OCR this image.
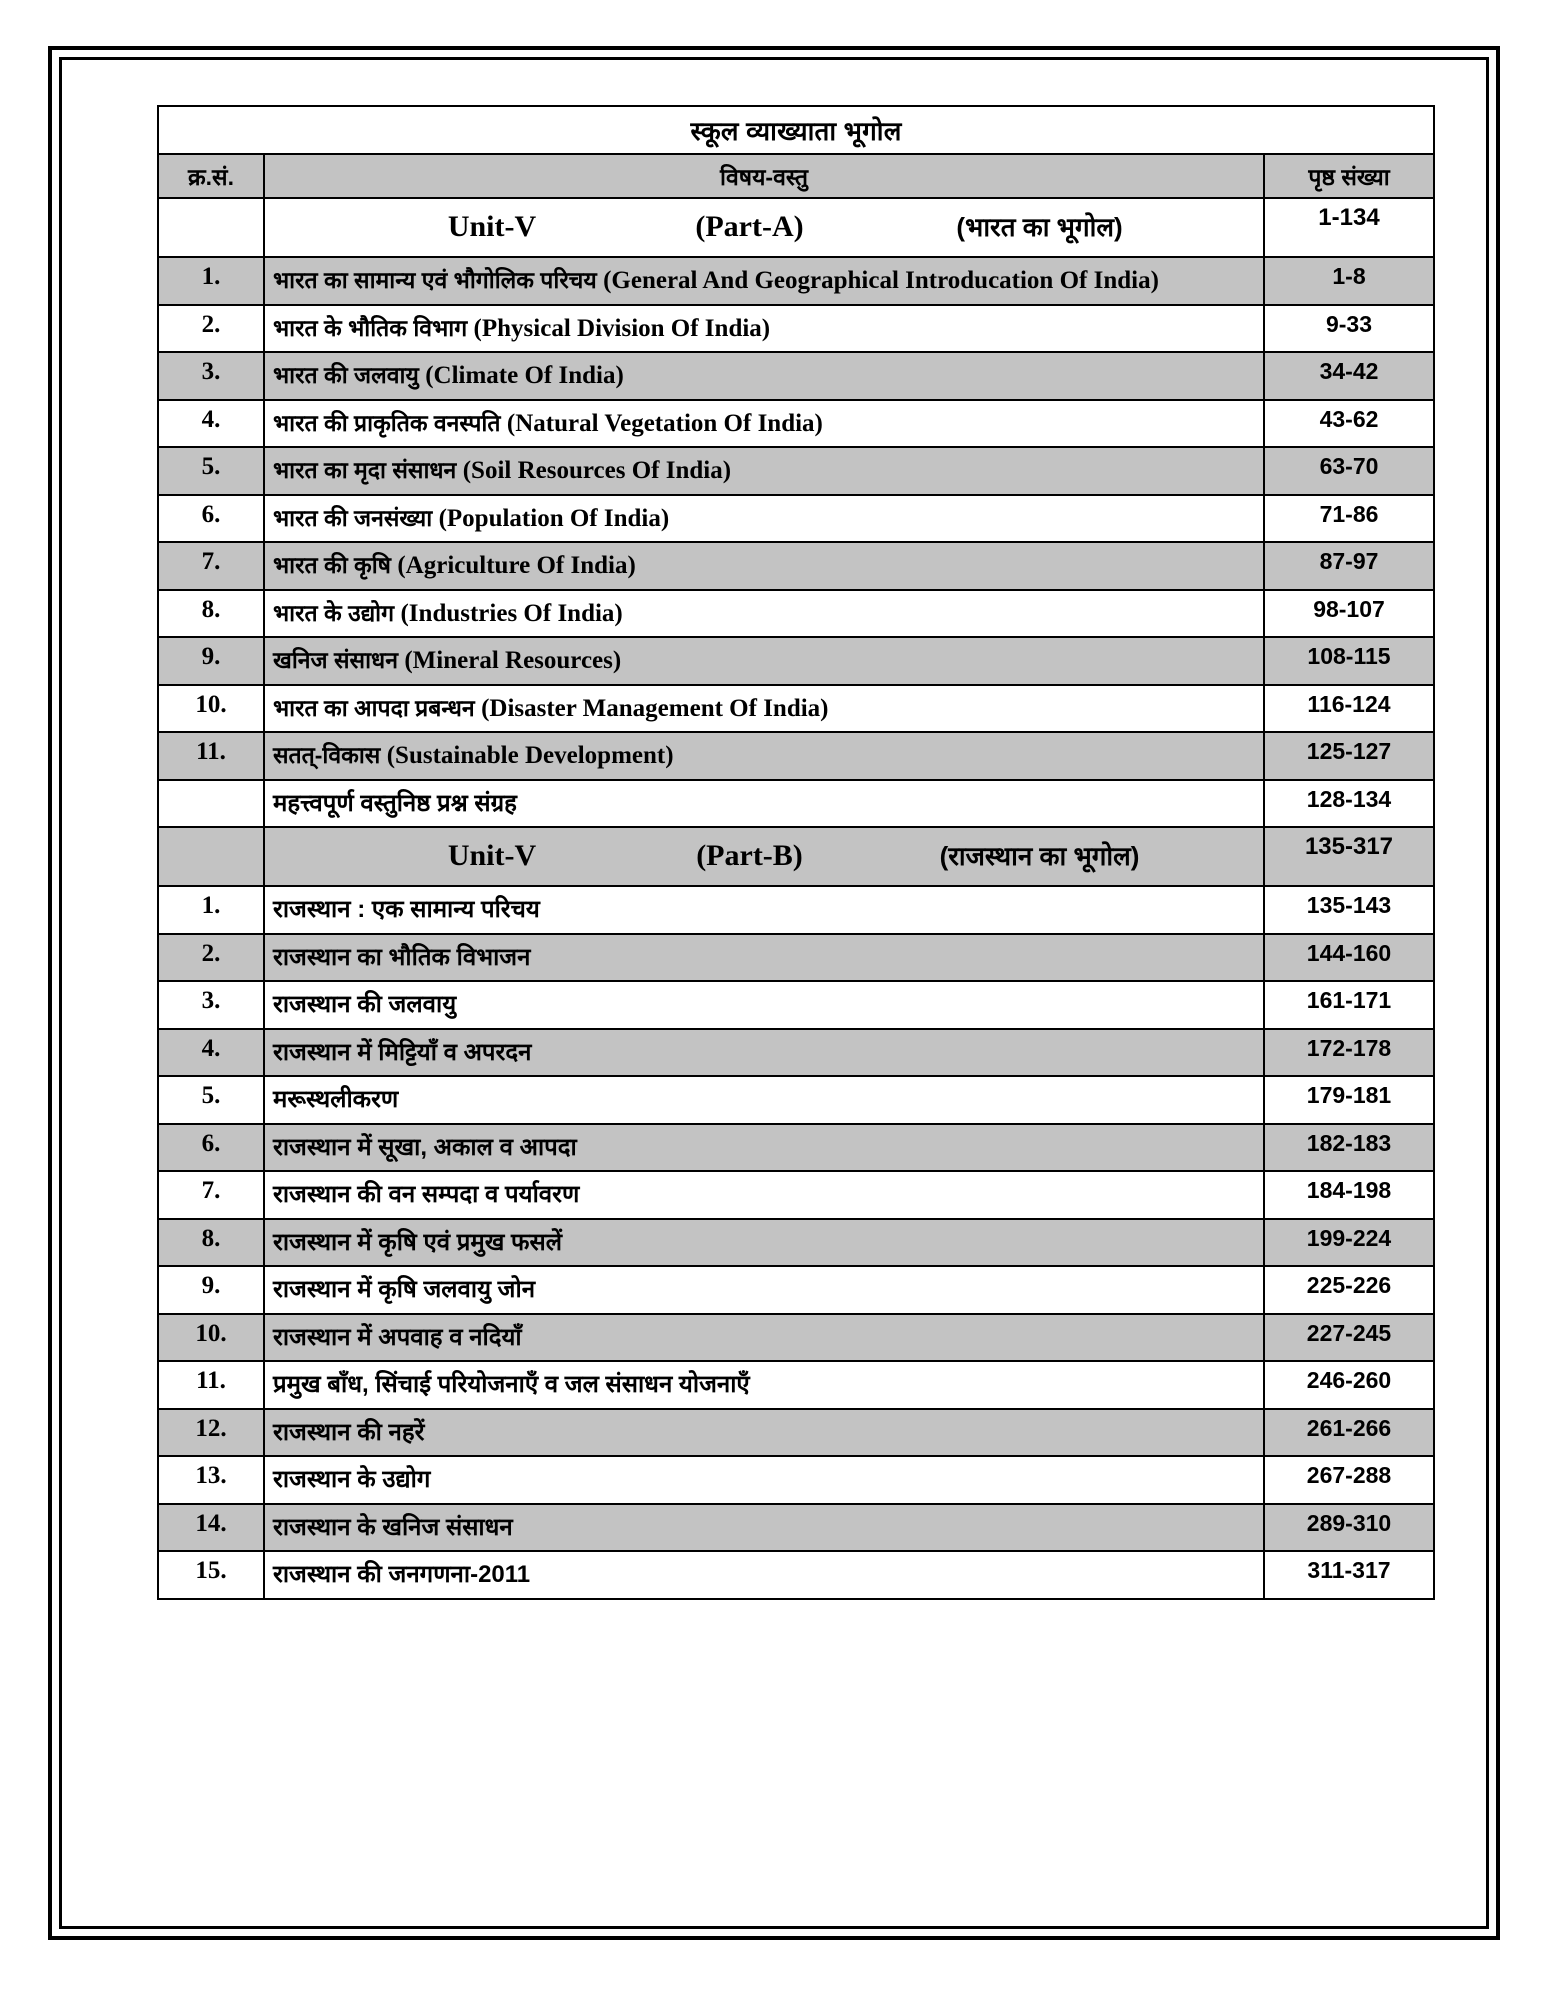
स्कूल व्याख्याता भूगोल		
क्र.सं.	विषय-वस्तु	पृष्ठ संख्या

	Unit-V (Part-A) (भारत का भूगोल)	1-134
1.	भारत का सामान्य एवं भौगोलिक परिचय (General And Geographical Introducation Of India)	1-8
2.	भारत के भौतिक विभाग (Physical Division Of India)	9-33
3.	भारत की जलवायु (Climate Of India)	34-42
4.	भारत की प्राकृतिक वनस्पति (Natural Vegetation Of India)	43-62
5.	भारत का मृदा संसाधन (Soil Resources Of India)	63-70
6.	भारत की जनसंख्या (Population Of India)	71-86
7.	भारत की कृषि (Agriculture Of India)	87-97
8.	भारत के उद्योग (Industries Of India)	98-107
9.	खनिज संसाधन (Mineral Resources)	108-115
10.	भारत का आपदा प्रबन्धन (Disaster Management Of India)	116-124
11.	सतत्-विकास (Sustainable Development)	125-127
	महत्त्वपूर्ण वस्तुनिष्ठ प्रश्न संग्रह	128-134

	Unit-V (Part-B) (राजस्थान का भूगोल)	135-317
1.	राजस्थान : एक सामान्य परिचय	135-143
2.	राजस्थान का भौतिक विभाजन	144-160
3.	राजस्थान की जलवायु	161-171
4.	राजस्थान में मिट्टियाँ व अपरदन	172-178
5.	मरूस्थलीकरण	179-181
6.	राजस्थान में सूखा, अकाल व आपदा	182-183
7.	राजस्थान की वन सम्पदा व पर्यावरण	184-198
8.	राजस्थान में कृषि एवं प्रमुख फसलें	199-224
9.	राजस्थान में कृषि जलवायु जोन	225-226
10.	राजस्थान में अपवाह व नदियाँ	227-245
11.	प्रमुख बाँध, सिंचाई परियोजनाएँ व जल संसाधन योजनाएँ	246-260
12.	राजस्थान की नहरें	261-266
13.	राजस्थान के उद्योग	267-288
14.	राजस्थान के खनिज संसाधन	289-310
15.	राजस्थान की जनगणना-2011	311-317
